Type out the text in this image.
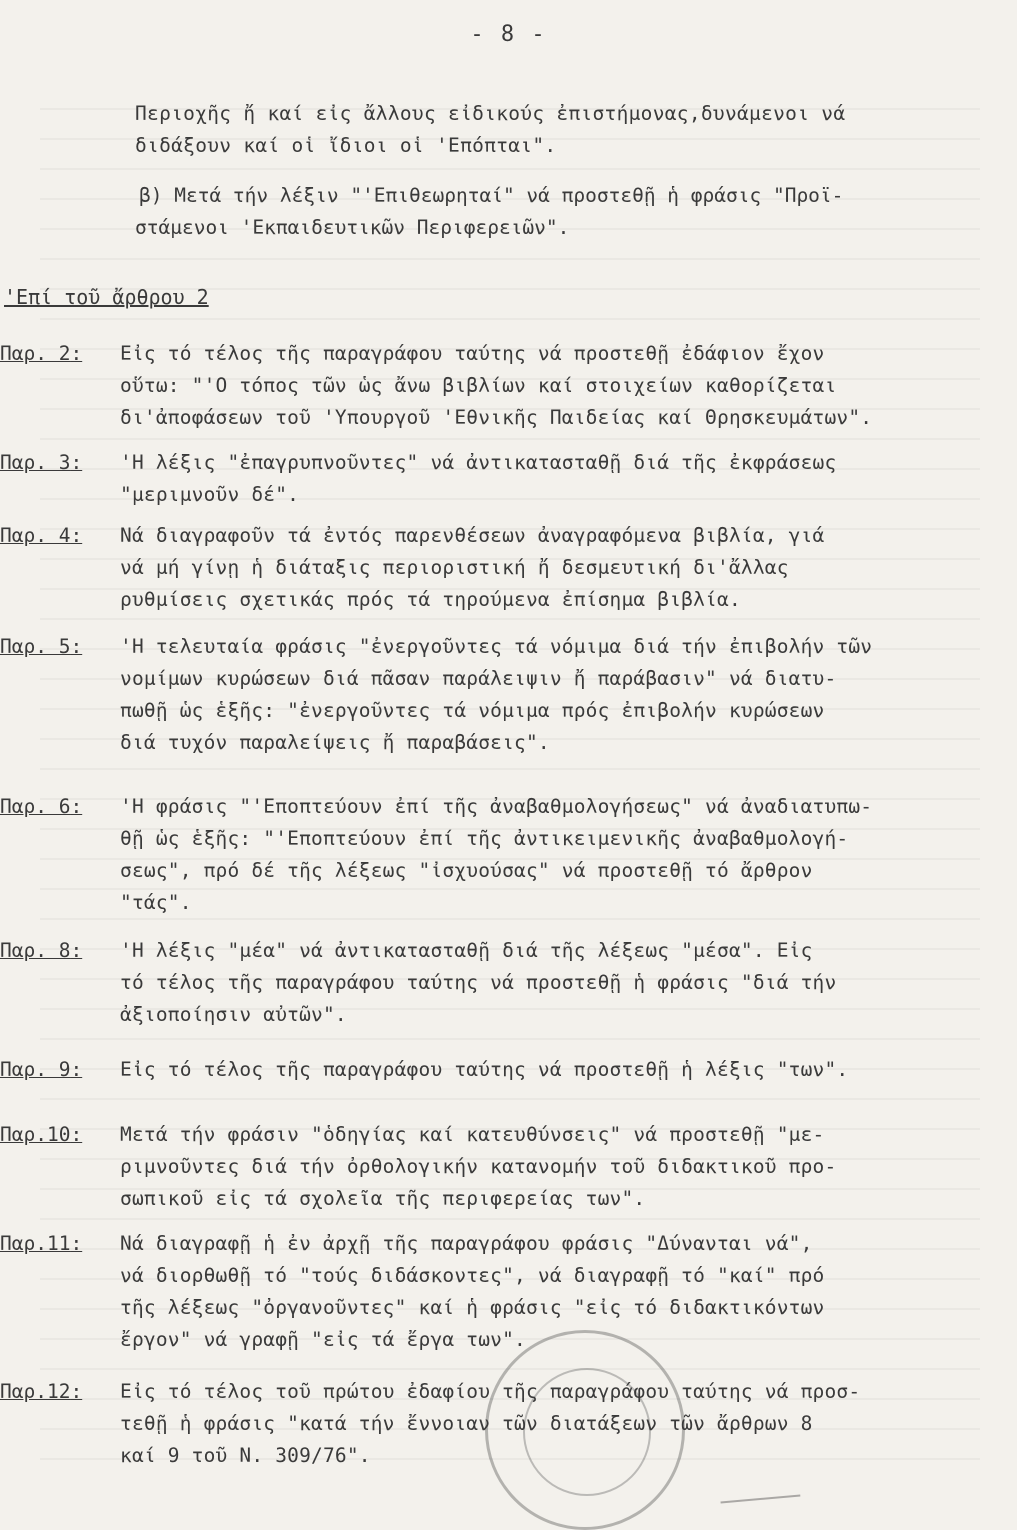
- 8 -
Περιοχῆς ἤ καί εἰς ἄλλους εἰδικούς ἐπιστήμονας,δυνάμενοι νά
διδάξουν καί οἱ ἴδιοι οἱ 'Επόπται".
β) Μετά τήν λέξιν "'Επιθεωρηταί" νά προστεθῇ ἡ φράσις "Προϊ-
στάμενοι 'Εκπαιδευτικῶν Περιφερειῶν".
'Επί τοῦ ἄρθρου 2
Παρ. 2:	Εἰς τό τέλος τῆς παραγράφου ταύτης νά προστεθῇ ἐδάφιον ἔχον
οὕτω: "'Ο τόπος τῶν ὡς ἄνω βιβλίων καί στοιχείων καθορίζεται
δι'ἀποφάσεων τοῦ 'Υπουργοῦ 'Εθνικῆς Παιδείας καί Θρησκευμάτων".
Παρ. 3:	'Η λέξις "ἐπαγρυπνοῦντες" νά ἀντικατασταθῇ διά τῆς ἐκφράσεως
"μεριμνοῦν δέ".
Παρ. 4:	Νά διαγραφοῦν τά ἐντός παρενθέσεων ἀναγραφόμενα βιβλία, γιά
νά μή γίνῃ ἡ διάταξις περιοριστική ἤ δεσμευτική δι'ἄλλας
ρυθμίσεις σχετικάς πρός τά τηρούμενα ἐπίσημα βιβλία.
Παρ. 5:	'Η τελευταία φράσις "ἐνεργοῦντες τά νόμιμα διά τήν ἐπιβολήν τῶν
νομίμων κυρώσεων διά πᾶσαν παράλειψιν ἤ παράβασιν" νά διατυ-
πωθῇ ὡς ἑξῆς: "ἐνεργοῦντες τά νόμιμα πρός ἐπιβολήν κυρώσεων
διά τυχόν παραλείψεις ἤ παραβάσεις".
Παρ. 6:	'Η φράσις "'Εποπτεύουν ἐπί τῆς ἀναβαθμολογήσεως" νά ἀναδιατυπω-
θῇ ὡς ἑξῆς: "'Εποπτεύουν ἐπί τῆς ἀντικειμενικῆς ἀναβαθμολογή-
σεως", πρό δέ τῆς λέξεως "ἰσχυούσας" νά προστεθῇ τό ἄρθρον
"τάς".
Παρ. 8:	'Η λέξις "μέα" νά ἀντικατασταθῇ διά τῆς λέξεως "μέσα". Εἰς
τό τέλος τῆς παραγράφου ταύτης νά προστεθῇ ἡ φράσις "διά τήν
ἀξιοποίησιν αὐτῶν".
Παρ. 9:	Εἰς τό τέλος τῆς παραγράφου ταύτης νά προστεθῇ ἡ λέξις "των".
Παρ.10:	Μετά τήν φράσιν "ὁδηγίας καί κατευθύνσεις" νά προστεθῇ "με-
ριμνοῦντες διά τήν ὀρθολογικήν κατανομήν τοῦ διδακτικοῦ προ-
σωπικοῦ εἰς τά σχολεῖα τῆς περιφερείας των".
Παρ.11:	Νά διαγραφῇ ἡ ἐν ἀρχῇ τῆς παραγράφου φράσις "Δύνανται νά",
νά διορθωθῇ τό "τούς διδάσκοντες", νά διαγραφῇ τό "καί" πρό
τῆς λέξεως "ὀργανοῦντες" καί ἡ φράσις "εἰς τό διδακτικόντων
ἔργον" νά γραφῇ "εἰς τά ἔργα των".
Παρ.12:	Εἰς τό τέλος τοῦ πρώτου ἐδαφίου τῆς παραγράφου ταύτης νά προσ-
τεθῇ ἡ φράσις "κατά τήν ἔννοιαν τῶν διατάξεων τῶν ἄρθρων 8
καί 9 τοῦ Ν. 309/76".
